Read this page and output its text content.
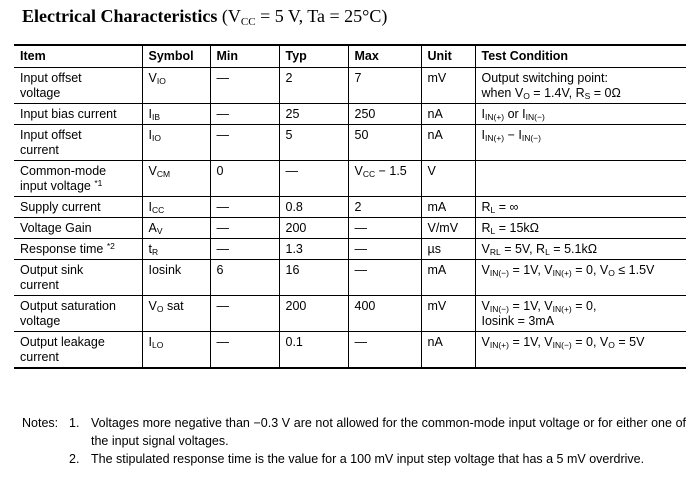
Electrical Characteristics ($V_{CC} = 5$ V, Ta = 25°C)
Item	Symbol	Min	Typ	Max	Unit	Test Condition
Input offset
voltage	$V_{IO}$	—	2	7	mV	Output switching point:
when $V_O = 1.4V$, $R_S = 0\Omega$
Input bias current	$I_{IB}$	—	25	250	nA	$I_{IN(+)}$ or $I_{IN(-)}$
Input offset
current	$I_{IO}$	—	5	50	nA	$I_{IN(+)} - I_{IN(-)}$
Common-mode
input voltage $^{*1}$	$V_{CM}$	0	—	$V_{CC} - 1.5$	V	
Supply current	$I_{CC}$	—	0.8	2	mA	$R_L$ = ∞
Voltage Gain	$A_V$	—	200	—	V/mV	$R_L = 15k\Omega$
Response time $^{*2}$	$t_R$	—	1.3	—	µs	$V_{RL} = 5V$, $R_L = 5.1k\Omega$
Output sink
current	Iosink	6	16	—	mA	$V_{IN(-)} = 1V$, $V_{IN(+)} = 0$, $V_O \le 1.5V$
Output saturation
voltage	$V_O$ sat	—	200	400	mV	$V_{IN(-)} = 1V$, $V_{IN(+)} = 0$,
Iosink = 3mA
Output leakage
current	$I_{LO}$	—	0.1	—	nA	$V_{IN(+)} = 1V$, $V_{IN(-)} = 0$, $V_O = 5V$
Notes: 1. Voltages more negative than −0.3 V are not allowed for the common-mode input voltage or for either one of the input signal voltages.
2. The stipulated response time is the value for a 100 mV input step voltage that has a 5 mV overdrive.
